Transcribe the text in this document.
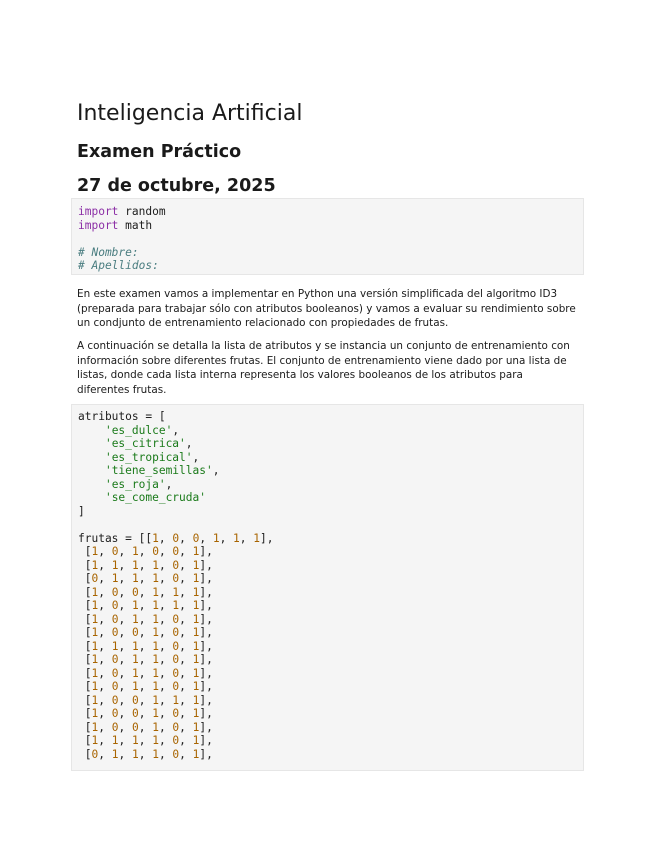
Inteligencia Artificial
Examen Práctico
27 de octubre, 2025
import random
import math

# Nombre:
# Apellidos:

En este examen vamos a implementar en Python una versión simplificada del algoritmo ID3 (preparada para trabajar sólo con atributos booleanos) y vamos a evaluar su rendimiento sobre un condjunto de entrenamiento relacionado con propiedades de frutas.

A continuación se detalla la lista de atributos y se instancia un conjunto de entrenamiento con información sobre diferentes frutas. El conjunto de entrenamiento viene dado por una lista de listas, donde cada lista interna representa los valores booleanos de los atributos para diferentes frutas.

atributos = [
'es_dulce',
'es_citrica',
'es_tropical',
'tiene_semillas',
'es_roja',
'se_come_cruda'
]

frutas = [[1, 0, 0, 1, 1, 1],
[1, 0, 1, 0, 0, 1],
[1, 1, 1, 1, 0, 1],
[0, 1, 1, 1, 0, 1],
[1, 0, 0, 1, 1, 1],
[1, 0, 1, 1, 1, 1],
[1, 0, 1, 1, 0, 1],
[1, 0, 0, 1, 0, 1],
[1, 1, 1, 1, 0, 1],
[1, 0, 1, 1, 0, 1],
[1, 0, 1, 1, 0, 1],
[1, 0, 1, 1, 0, 1],
[1, 0, 0, 1, 1, 1],
[1, 0, 0, 1, 0, 1],
[1, 0, 0, 1, 0, 1],
[1, 1, 1, 1, 0, 1],
[0, 1, 1, 1, 0, 1],
